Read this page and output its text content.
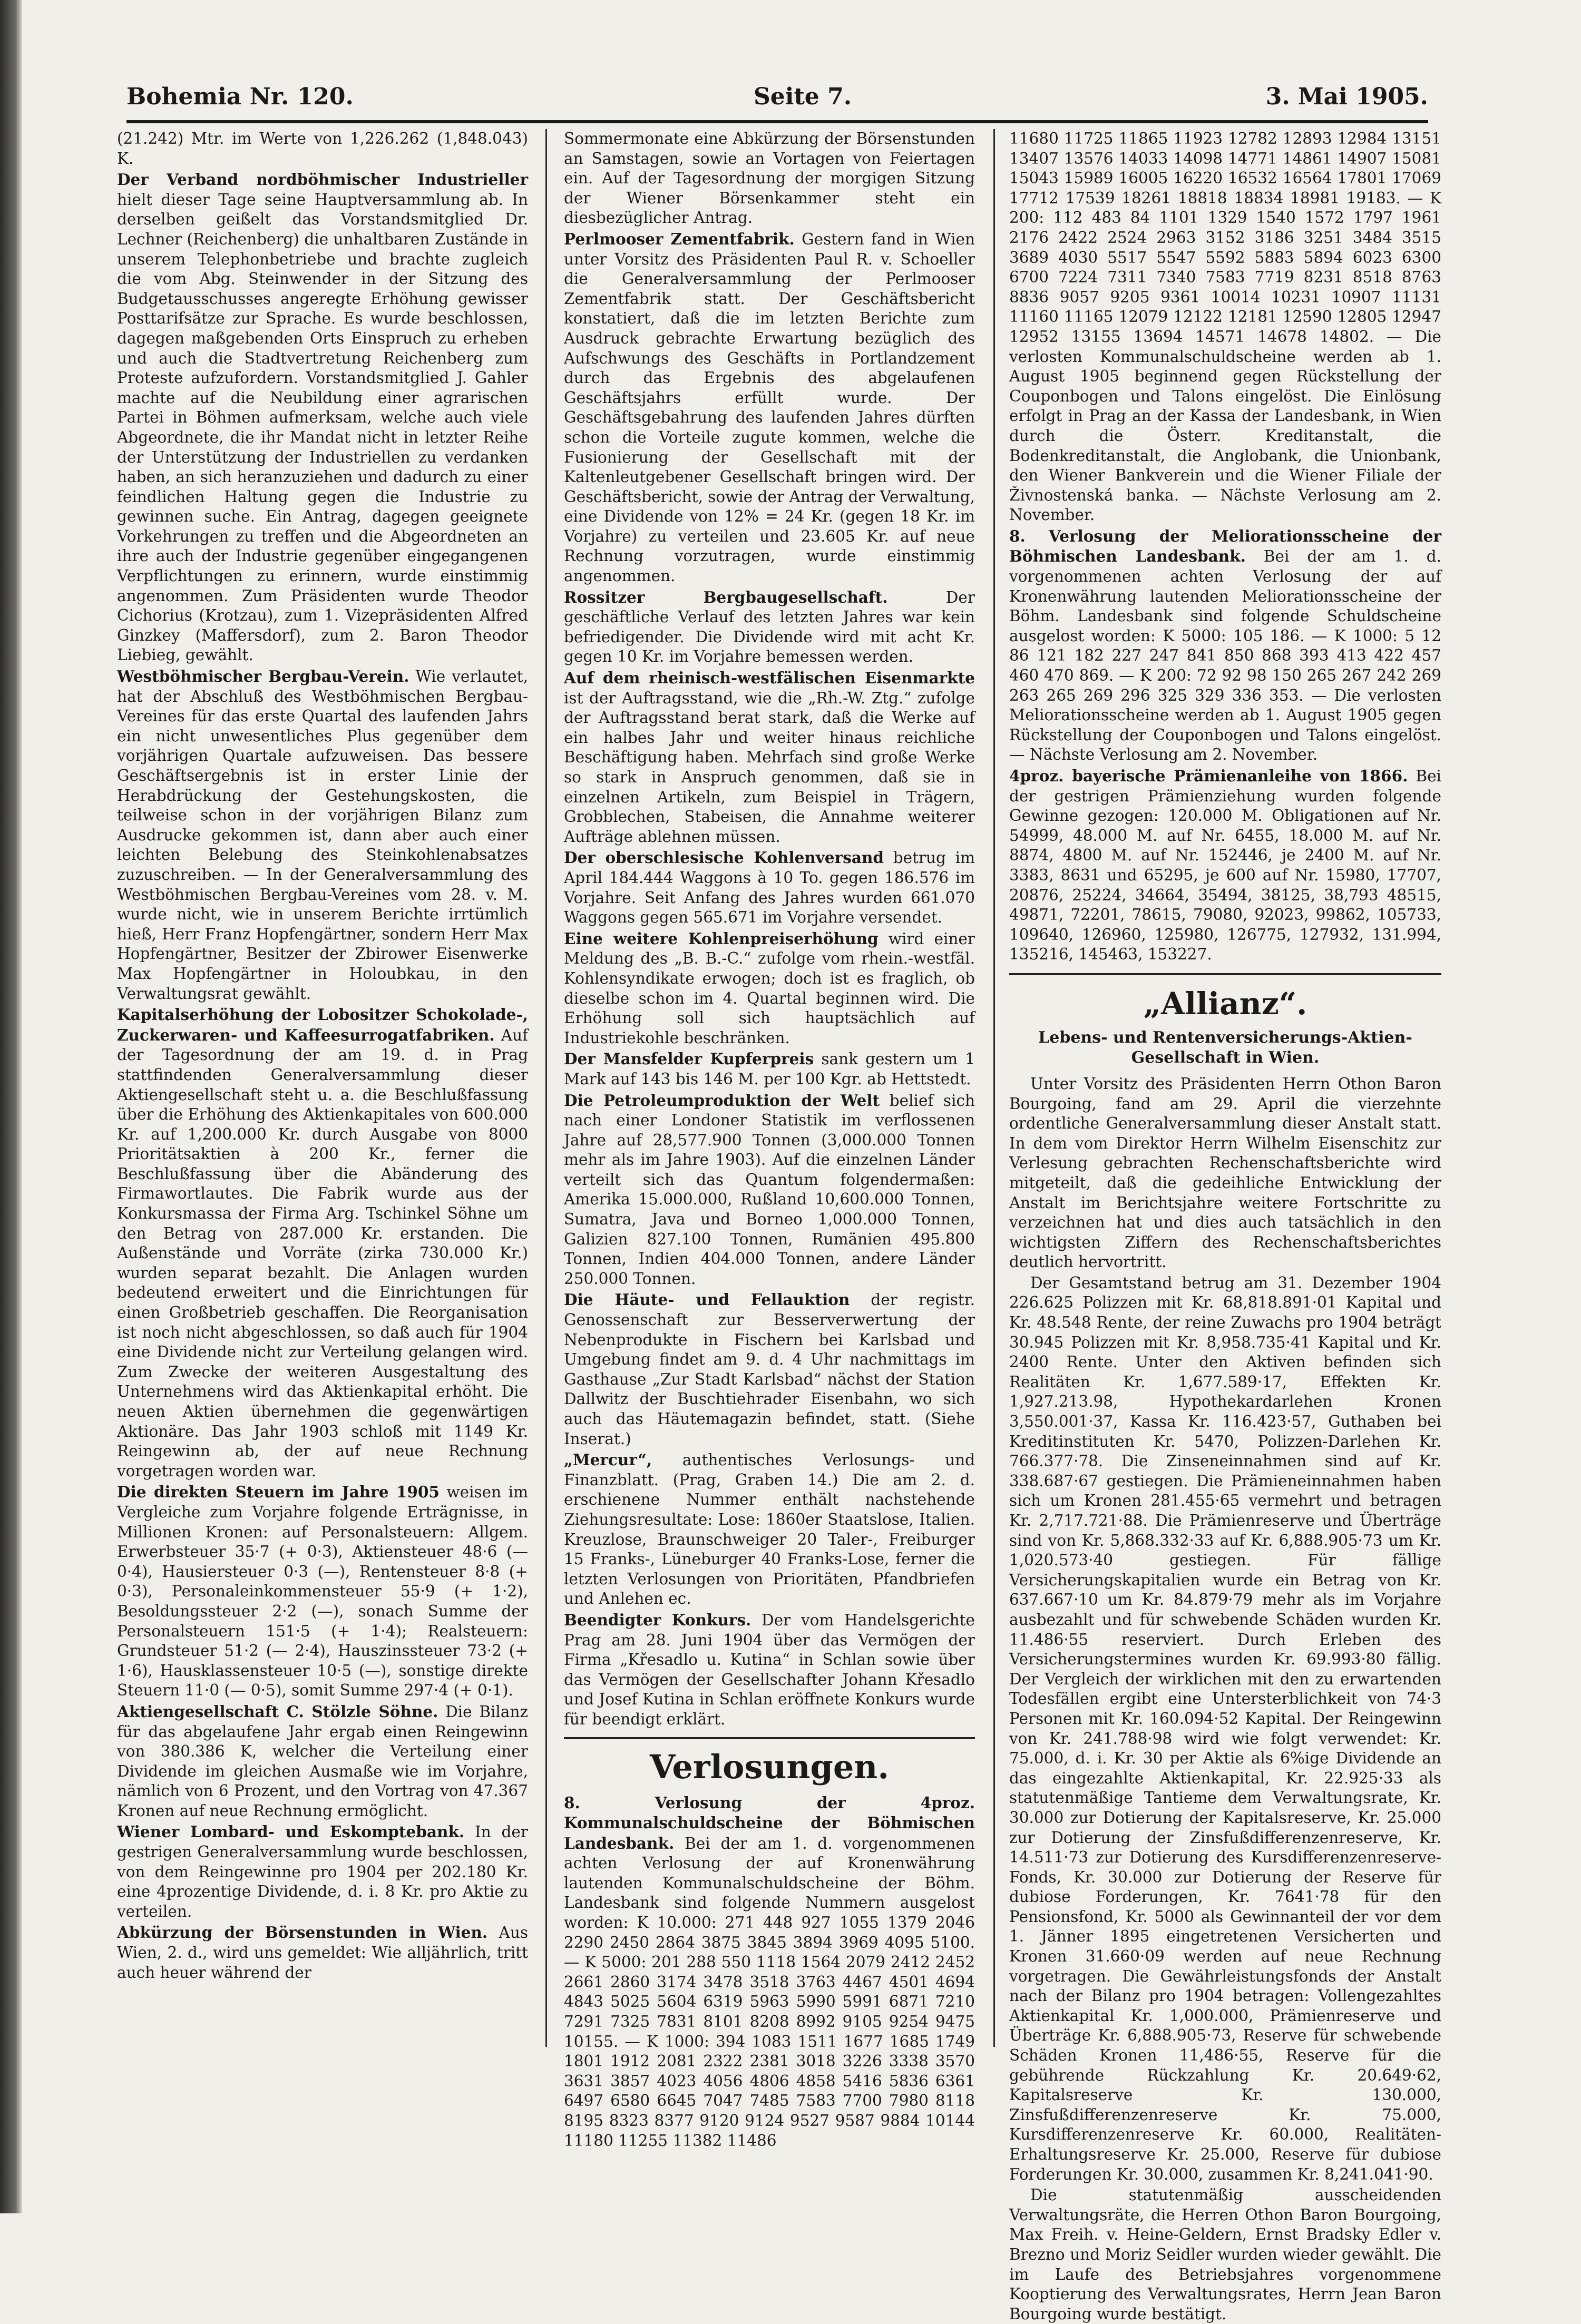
Bohemia Nr. 120.	Seite 7.	3. Mai 1905.

(21.242) Mtr. im Werte von 1,226.262 (1,848.043) K.

Der Verband nordböhmischer Industrieller hielt dieser Tage seine Hauptversammlung ab. In derselben geißelt das Vorstandsmitglied Dr. Lechner (Reichenberg) die unhaltbaren Zustände in unserem Telephonbetriebe und brachte zugleich die vom Abg. Steinwender in der Sitzung des Budgetausschusses angeregte Erhöhung gewisser Posttarifsätze zur Sprache. Es wurde beschlossen, dagegen maßgebenden Orts Einspruch zu erheben und auch die Stadtvertretung Reichenberg zum Proteste aufzufordern. Vorstandsmitglied J. Gahler machte auf die Neubildung einer agrarischen Partei in Böhmen aufmerksam, welche auch viele Abgeordnete, die ihr Mandat nicht in letzter Reihe der Unterstützung der Industriellen zu verdanken haben, an sich heranzuziehen und dadurch zu einer feindlichen Haltung gegen die Industrie zu gewinnen suche. Ein Antrag, dagegen geeignete Vorkehrungen zu treffen und die Abgeordneten an ihre auch der Industrie gegenüber eingegangenen Verpflichtungen zu erinnern, wurde einstimmig angenommen. Zum Präsidenten wurde Theodor Cichorius (Krotzau), zum 1. Vizepräsidenten Alfred Ginzkey (Maffersdorf), zum 2. Baron Theodor Liebieg, gewählt.

Westböhmischer Bergbau-Verein. Wie verlautet, hat der Abschluß des Westböhmischen Bergbau-Vereines für das erste Quartal des laufenden Jahrs ein nicht unwesentliches Plus gegenüber dem vorjährigen Quartale aufzuweisen. Das bessere Geschäftsergebnis ist in erster Linie der Herabdrückung der Gestehungskosten, die teilweise schon in der vorjährigen Bilanz zum Ausdrucke gekommen ist, dann aber auch einer leichten Belebung des Steinkohlenabsatzes zuzuschreiben. — In der Generalversammlung des Westböhmischen Bergbau-Vereines vom 28. v. M. wurde nicht, wie in unserem Berichte irrtümlich hieß, Herr Franz Hopfengärtner, sondern Herr Max Hopfengärtner, Besitzer der Zbirower Eisenwerke Max Hopfengärtner in Holoubkau, in den Verwaltungsrat gewählt.

Kapitalserhöhung der Lobositzer Schokolade-, Zuckerwaren- und Kaffeesurrogatfabriken. Auf der Tagesordnung der am 19. d. in Prag stattfindenden Generalversammlung dieser Aktiengesellschaft steht u. a. die Beschlußfassung über die Erhöhung des Aktienkapitales von 600.000 Kr. auf 1,200.000 Kr. durch Ausgabe von 8000 Prioritätsaktien à 200 Kr., ferner die Beschlußfassung über die Abänderung des Firmawortlautes. Die Fabrik wurde aus der Konkursmassa der Firma Arg. Tschinkel Söhne um den Betrag von 287.000 Kr. erstanden. Die Außenstände und Vorräte (zirka 730.000 Kr.) wurden separat bezahlt. Die Anlagen wurden bedeutend erweitert und die Einrichtungen für einen Großbetrieb geschaffen. Die Reorganisation ist noch nicht abgeschlossen, so daß auch für 1904 eine Dividende nicht zur Verteilung gelangen wird. Zum Zwecke der weiteren Ausgestaltung des Unternehmens wird das Aktienkapital erhöht. Die neuen Aktien übernehmen die gegenwärtigen Aktionäre. Das Jahr 1903 schloß mit 1149 Kr. Reingewinn ab, der auf neue Rechnung vorgetragen worden war.

Die direkten Steuern im Jahre 1905 weisen im Vergleiche zum Vorjahre folgende Erträgnisse, in Millionen Kronen: auf Personalsteuern: Allgem. Erwerbsteuer 35·7 (+ 0·3), Aktiensteuer 48·6 (— 0·4), Hausiersteuer 0·3 (—), Rentensteuer 8·8 (+ 0·3), Personaleinkommensteuer 55·9 (+ 1·2), Besoldungssteuer 2·2 (—), sonach Summe der Personalsteuern 151·5 (+ 1·4); Realsteuern: Grundsteuer 51·2 (— 2·4), Hauszinssteuer 73·2 (+ 1·6), Hausklassensteuer 10·5 (—), sonstige direkte Steuern 11·0 (— 0·5), somit Summe 297·4 (+ 0·1).

Aktiengesellschaft C. Stölzle Söhne. Die Bilanz für das abgelaufene Jahr ergab einen Reingewinn von 380.386 K, welcher die Verteilung einer Dividende im gleichen Ausmaße wie im Vorjahre, nämlich von 6 Prozent, und den Vortrag von 47.367 Kronen auf neue Rechnung ermöglicht.

Wiener Lombard- und Eskomptebank. In der gestrigen Generalversammlung wurde beschlossen, von dem Reingewinne pro 1904 per 202.180 Kr. eine 4prozentige Dividende, d. i. 8 Kr. pro Aktie zu verteilen.

Abkürzung der Börsenstunden in Wien. Aus Wien, 2. d., wird uns gemeldet: Wie alljährlich, tritt auch heuer während der

Sommermonate eine Abkürzung der Börsenstunden an Samstagen, sowie an Vortagen von Feiertagen ein. Auf der Tagesordnung der morgigen Sitzung der Wiener Börsenkammer steht ein diesbezüglicher Antrag.

Perlmooser Zementfabrik. Gestern fand in Wien unter Vorsitz des Präsidenten Paul R. v. Schoeller die Generalversammlung der Perlmooser Zementfabrik statt. Der Geschäftsbericht konstatiert, daß die im letzten Berichte zum Ausdruck gebrachte Erwartung bezüglich des Aufschwungs des Geschäfts in Portlandzement durch das Ergebnis des abgelaufenen Geschäftsjahrs erfüllt wurde. Der Geschäftsgebahrung des laufenden Jahres dürften schon die Vorteile zugute kommen, welche die Fusionierung der Gesellschaft mit der Kaltenleutgebener Gesellschaft bringen wird. Der Geschäftsbericht, sowie der Antrag der Verwaltung, eine Dividende von 12% = 24 Kr. (gegen 18 Kr. im Vorjahre) zu verteilen und 23.605 Kr. auf neue Rechnung vorzutragen, wurde einstimmig angenommen.

Rossitzer Bergbaugesellschaft.	Der geschäftliche Verlauf des letzten Jahres war kein befriedigender. Die Dividende wird mit acht Kr. gegen 10 Kr. im Vorjahre bemessen werden.

Auf dem rheinisch-westfälischen Eisenmarkte ist der Auftragsstand, wie die „Rh.-W. Ztg.“ zufolge der Auftragsstand berat stark, daß die Werke auf ein halbes Jahr und weiter hinaus reichliche Beschäftigung haben. Mehrfach sind große Werke so stark in Anspruch genommen, daß sie in einzelnen Artikeln, zum Beispiel in Trägern, Grobblechen, Stabeisen, die Annahme weiterer Aufträge ablehnen müssen.

Der oberschlesische Kohlenversand betrug im April 184.444 Waggons à 10 To. gegen 186.576 im Vorjahre. Seit Anfang des Jahres wurden 661.070 Waggons gegen 565.671 im Vorjahre versendet.

Eine weitere Kohlenpreiserhöhung wird einer Meldung des „B. B.-C.“ zufolge vom rhein.-westfäl. Kohlensyndikate erwogen; doch ist es fraglich, ob dieselbe schon im 4. Quartal beginnen wird. Die Erhöhung soll sich hauptsächlich auf Industriekohle beschränken.

Der Mansfelder Kupferpreis sank gestern um 1 Mark auf 143 bis 146 M. per 100 Kgr. ab Hettstedt.

Die Petroleumproduktion der Welt belief sich nach einer Londoner Statistik im verflossenen Jahre auf 28,577.900 Tonnen (3,000.000 Tonnen mehr als im Jahre 1903). Auf die einzelnen Länder verteilt sich das Quantum folgendermaßen: Amerika 15.000.000, Rußland 10,600.000 Tonnen, Sumatra, Java und Borneo 1,000.000 Tonnen, Galizien 827.100 Tonnen, Rumänien 495.800 Tonnen, Indien 404.000 Tonnen, andere Länder 250.000 Tonnen.

Die Häute- und Fellauktion der registr. Genossenschaft zur Besserverwertung der Nebenprodukte in Fischern bei Karlsbad und Umgebung findet am 9. d. 4 Uhr nachmittags im Gasthause „Zur Stadt Karlsbad“ nächst der Station Dallwitz der Buschtiehrader Eisenbahn, wo sich auch das Häutemagazin befindet, statt. (Siehe Inserat.)

„Mercur“, authentisches Verlosungs- und Finanzblatt. (Prag, Graben 14.) Die am 2. d. erschienene Nummer enthält nachstehende Ziehungsresultate: Lose: 1860er Staatslose, Italien. Kreuzlose, Braunschweiger 20 Taler-, Freiburger 15 Franks-, Lüneburger 40 Franks-Lose, ferner die letzten Verlosungen von Prioritäten, Pfandbriefen und Anlehen ec.

Beendigter Konkurs. Der vom Handelsgerichte Prag am 28. Juni 1904 über das Vermögen der Firma „Křesadlo u. Kutina“ in Schlan sowie über das Vermögen der Gesellschafter Johann Křesadlo und Josef Kutina in Schlan eröffnete Konkurs wurde für beendigt erklärt.

Verlosungen.

8. Verlosung der 4proz. Kommunalschuldscheine der Böhmischen Landesbank. Bei der am 1. d. vorgenommenen achten Verlosung der auf Kronenwährung lautenden Kommunalschuldscheine der Böhm. Landesbank sind folgende Nummern ausgelost worden: K 10.000: 271 448 927 1055 1379 2046 2290 2450 2864 3875 3845 3894 3969 4095 5100. — K 5000: 201 288 550 1118 1564 2079 2412 2452 2661 2860 3174 3478 3518 3763 4467 4501 4694 4843 5025 5604 6319 5963 5990 5991 6871 7210 7291 7325 7831 8101 8208 8992 9105 9254 9475 10155. — K 1000: 394 1083 1511 1677 1685 1749 1801 1912 2081 2322 2381 3018 3226 3338 3570 3631 3857 4023 4056 4806 4858 5416 5836 6361 6497 6580 6645 7047 7485 7583 7700 7980 8118 8195 8323 8377 9120 9124 9527 9587 9884 10144 11180 11255 11382 11486

11680 11725 11865 11923 12782 12893 12984 13151 13407 13576 14033 14098 14771 14861 14907 15081 15043 15989 16005 16220 16532 16564 17801 17069 17712 17539 18261 18818 18834 18981 19183. — K 200: 112 483 84 1101 1329 1540 1572 1797 1961 2176 2422 2524 2963 3152 3186 3251 3484 3515 3689 4030 5517 5547 5592 5883 5894 6023 6300 6700 7224 7311 7340 7583 7719 8231 8518 8763 8836 9057 9205 9361 10014 10231 10907 11131 11160 11165 12079 12122 12181 12590 12805 12947 12952 13155 13694 14571 14678 14802. — Die verlosten Kommunalschuldscheine werden ab 1. August 1905 beginnend gegen Rückstellung der Couponbogen und Talons eingelöst. Die Einlösung erfolgt in Prag an der Kassa der Landesbank, in Wien durch die Österr. Kreditanstalt, die Bodenkreditanstalt, die Anglobank, die Unionbank, den Wiener Bankverein und die Wiener Filiale der Živnostenská banka. — Nächste Verlosung am 2. November.

8. Verlosung der Meliorationsscheine der Böhmischen Landesbank. Bei der am 1. d. vorgenommenen achten Verlosung der auf Kronenwährung lautenden Meliorationsscheine der Böhm. Landesbank sind folgende Schuldscheine ausgelost worden: K 5000: 105 186. — K 1000: 5 12 86 121 182 227 247 841 850 868 393 413 422 457 460 470 869. — K 200: 72 92 98 150 265 267 242 269 263 265 269 296 325 329 336 353. — Die verlosten Meliorationsscheine werden ab 1. August 1905 gegen Rückstellung der Couponbogen und Talons eingelöst. — Nächste Verlosung am 2. November.

4proz. bayerische Prämienanleihe von 1866. Bei der gestrigen Prämienziehung wurden folgende Gewinne gezogen: 120.000 M. Obligationen auf Nr. 54999, 48.000 M. auf Nr. 6455, 18.000 M. auf Nr. 8874, 4800 M. auf Nr. 152446, je 2400 M. auf Nr. 3383, 8631 und 65295, je 600 auf Nr. 15980, 17707, 20876, 25224, 34664, 35494, 38125, 38,793 48515, 49871, 72201, 78615, 79080, 92023, 99862, 105733, 109640, 126960, 125980, 126775, 127932, 131.994, 135216, 145463, 153227.

„Allianz“.
Lebens- und Rentenversicherungs-Aktien-Gesellschaft in Wien.

Unter Vorsitz des Präsidenten Herrn Othon Baron Bourgoing, fand am 29. April die vierzehnte ordentliche Generalversammlung dieser Anstalt statt. In dem vom Direktor Herrn Wilhelm Eisenschitz zur Verlesung gebrachten Rechenschaftsberichte wird mitgeteilt, daß die gedeihliche Entwicklung der Anstalt im Berichtsjahre weitere Fortschritte zu verzeichnen hat und dies auch tatsächlich in den wichtigsten Ziffern des Rechenschaftsberichtes deutlich hervortritt.

Der Gesamtstand betrug am 31. Dezember 1904 226.625 Polizzen mit Kr. 68,818.891·01 Kapital und Kr. 48.548 Rente, der reine Zuwachs pro 1904 beträgt 30.945 Polizzen mit Kr. 8,958.735·41 Kapital und Kr. 2400 Rente. Unter den Aktiven befinden sich Realitäten Kr. 1,677.589·17, Effekten Kr. 1,927.213.98, Hypothekardarlehen Kronen 3,550.001·37, Kassa Kr. 116.423·57, Guthaben bei Kreditinstituten Kr. 5470, Polizzen-Darlehen Kr. 766.377·78. Die Zinseneinnahmen sind auf Kr. 338.687·67 gestiegen. Die Prämieneinnahmen haben sich um Kronen 281.455·65 vermehrt und betragen Kr. 2,717.721·88. Die Prämienreserve und Überträge sind von Kr. 5,868.332·33 auf Kr. 6,888.905·73 um Kr. 1,020.573·40 gestiegen. Für fällige Versicherungskapitalien wurde ein Betrag von Kr. 637.667·10 um Kr. 84.879·79 mehr als im Vorjahre ausbezahlt und für schwebende Schäden wurden Kr. 11.486·55 reserviert. Durch Erleben des Versicherungstermines wurden Kr. 69.993·80 fällig. Der Vergleich der wirklichen mit den zu erwartenden Todesfällen ergibt eine Untersterblichkeit von 74·3 Personen mit Kr. 160.094·52 Kapital. Der Reingewinn von Kr. 241.788·98 wird wie folgt verwendet: Kr. 75.000, d. i. Kr. 30 per Aktie als 6%ige Dividende an das eingezahlte Aktienkapital, Kr. 22.925·33 als statutenmäßige Tantieme dem Verwaltungsrate, Kr. 30.000 zur Dotierung der Kapitalsreserve, Kr. 25.000 zur Dotierung der Zinsfußdifferenzenreserve, Kr. 14.511·73 zur Dotierung des Kursdifferenzenreserve-Fonds, Kr. 30.000 zur Dotierung der Reserve für dubiose Forderungen, Kr. 7641·78 für den Pensionsfond, Kr. 5000 als Gewinnanteil der vor dem 1. Jänner 1895 eingetretenen Versicherten und Kronen 31.660·09 werden auf neue Rechnung vorgetragen. Die Gewährleistungsfonds der Anstalt nach der Bilanz pro 1904 betragen: Vollengezahltes Aktienkapital Kr. 1,000.000, Prämienreserve und Überträge Kr. 6,888.905·73, Reserve für schwebende Schäden Kronen 11,486·55, Reserve für die gebührende Rückzahlung Kr. 20.649·62, Kapitalsreserve Kr. 130.000, Zinsfußdifferenzenreserve Kr. 75.000, Kursdifferenzenreserve Kr. 60.000, Realitäten-Erhaltungsreserve Kr. 25.000, Reserve für dubiose Forderungen Kr. 30.000, zusammen Kr. 8,241.041·90.

Die statutenmäßig ausscheidenden Verwaltungsräte, die Herren Othon Baron Bourgoing, Max Freih. v. Heine-Geldern, Ernst Bradsky Edler v. Brezno und Moriz Seidler wurden wieder gewählt. Die im Laufe des Betriebsjahres vorgenommene Kooptierung des Verwaltungsrates, Herrn Jean Baron Bourgoing wurde bestätigt.
